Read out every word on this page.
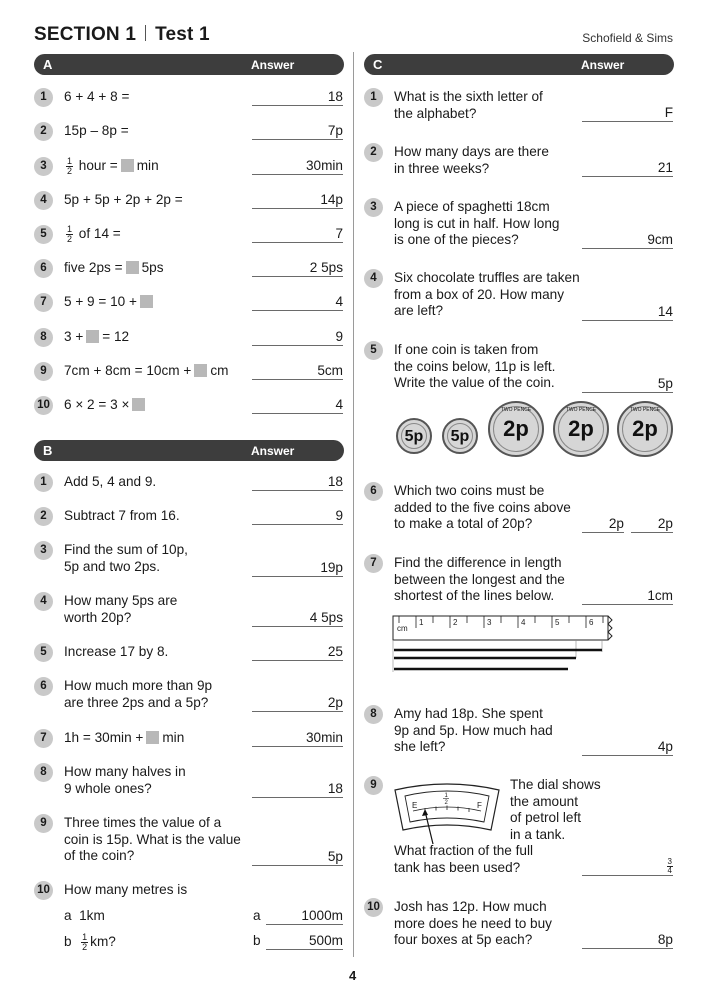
SECTION 1 Test 1	Schofield & Sims
A	Answer
1	6 + 4 + 8 =	18
2	15p – 8p =	7p
3	$\frac{1}{2}$ hour = min	30min
4	5p + 5p + 2p + 2p =	14p
5	$\frac{1}{2}$ of 14 =	7
6	five 2ps = 5ps	2 5ps
7	5 + 9 = 10 +	4
8	3 + = 12	9
9	7cm + 8cm = 10cm + cm	5cm
10 6 × 2 = 3 ×	4
B	Answer
1	Add 5, 4 and 9.	18
2	Subtract 7 from 16.	9
3	Find the sum of 10p,
5p and two 2ps.	19p
4	How many 5ps are
worth 20p?	4 5ps
5	Increase 17 by 8.	25
6	How much more than 9p
are three 2ps and a 5p?	2p
7	1h = 30min + min	30min
8	How many halves in
9 whole ones?	18
9	Three times the value of a
coin is 15p. What is the value
of the coin?	5p
10 How many metres is
a 1km	a	1000m
b $\frac{1}{2}$ km?	b	500m
C	Answer
1	What is the sixth letter of
the alphabet?	F
2	How many days are there
in three weeks?	21
3	A piece of spaghetti 18cm
long is cut in half. How long
is one of the pieces?	9cm
4	Six chocolate truffles are taken
from a box of 20. How many
are left?	14
5	If one coin is taken from
the coins below, 11p is left.
Write the value of the coin.	5p
5p	5p
TWO PENCE
2p
TWO PENCE
2p
TWO PENCE
2p
6	Which two coins must be
added to the five coins above
to make a total of 20p?	2p	2p
7	Find the difference in length
between the longest and the
shortest of the lines below.	1cm
cm
1	2	3	4	5	6
8	Amy had 18p. She spent
9p and 5p. How much had
she left?	4p
9
E	F
1
2
The dial shows
the amount
of petrol left
in a tank.
What fraction of the full
tank has been used?	$\frac{3}{4}$
10 Josh has 12p. How much
more does he need to buy
four boxes at 5p each?	8p
4
